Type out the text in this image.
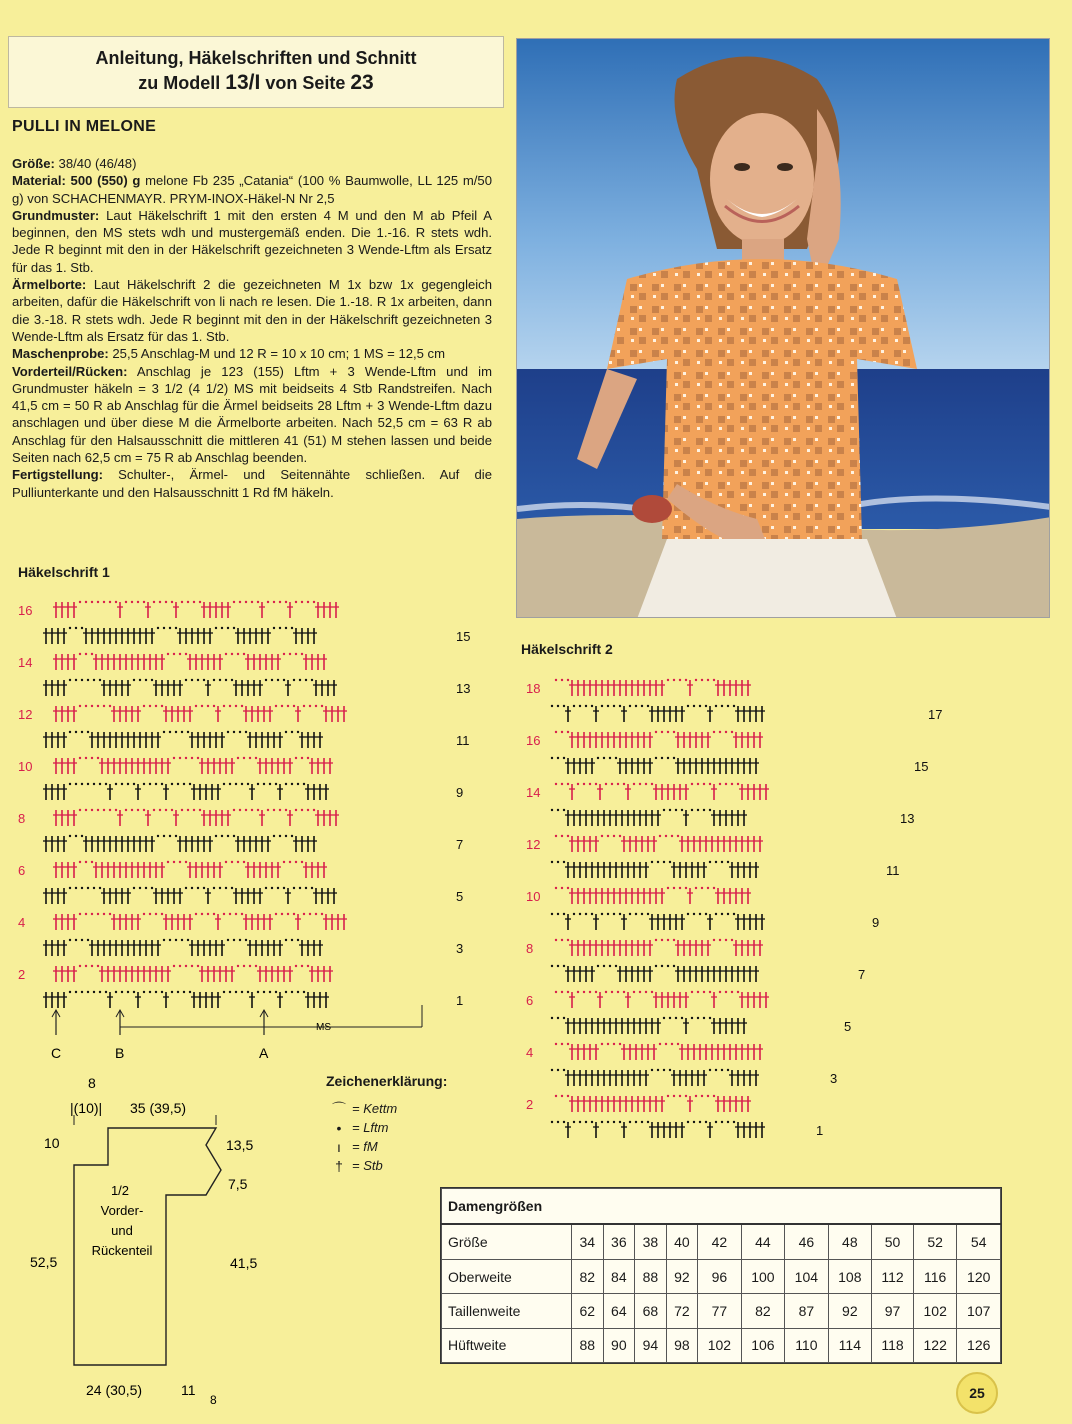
Anleitung, Häkelschriften und Schnitt
zu Modell 13/I von Seite 23
PULLI IN MELONE
Größe: 38/40 (46/48)
Material: 500 (550) g melone Fb 235 „Catania“ (100 % Baumwolle, LL 125 m/50 g) von SCHACHENMAYR. PRYM-INOX-Häkel-N Nr 2,5
Grundmuster: Laut Häkelschrift 1 mit den ersten 4 M und den M ab Pfeil A beginnen, den MS stets wdh und mustergemäß enden. Die 1.-16. R stets wdh. Jede R beginnt mit den in der Häkelschrift gezeichneten 3 Wende-Lftm als Ersatz für das 1. Stb.
Ärmelborte: Laut Häkelschrift 2 die gezeichneten M 1x bzw 1x gegengleich arbeiten, dafür die Häkelschrift von li nach re lesen. Die 1.-18. R 1x arbeiten, dann die 3.-18. R stets wdh. Jede R beginnt mit den in der Häkelschrift gezeichneten 3 Wende-Lftm als Ersatz für das 1. Stb.
Maschenprobe: 25,5 Anschlag-M und 12 R = 10 x 10 cm; 1 MS = 12,5 cm
Vorderteil/Rücken: Anschlag je 123 (155) Lftm + 3 Wende-Lftm und im Grundmuster häkeln = 3 1/2 (4 1/2) MS mit beidseits 4 Stb Randstreifen. Nach 41,5 cm = 50 R ab Anschlag für die Ärmel beidseits 28 Lftm + 3 Wende-Lftm dazu anschlagen und über diese M die Ärmelborte arbeiten. Nach 52,5 cm = 63 R ab Anschlag für den Halsausschnitt die mittleren 41 (51) M stehen lassen und beide Seiten nach 62,5 cm = 75 R ab Anschlag beenden.
Fertigstellung: Schulter-, Ärmel- und Seitennähte schließen. Auf die Pulliunterkante und den Halsausschnitt 1 Rd fM häkeln.
Häkelschrift 1
16
15
14
13
12
11
10
9
8
7
6
5
4
3
2
1
C	B	A
MS
Häkelschrift 2
18
17
16
15
14
13
12
11
10
9
8
7
6
5
4
3
2
1
8
|(10)| 35 (39,5)
10	13,5
7,5
52,5	41,5
24 (30,5)	11
8
1/2
Vorder-
und
Rückenteil
Zeichenerklärung:
⌒ = Kettm
• = Lftm
ı = fM
† = Stb
Damengrößen											
Größe	34	36	38	40	42	44	46	48	50	52	54
Oberweite	82	84	88	92	96	100	104	108	112	116	120
Taillenweite	62	64	68	72	77	82	87	92	97	102	107
Hüftweite	88	90	94	98	102	106	110	114	118	122	126
25
